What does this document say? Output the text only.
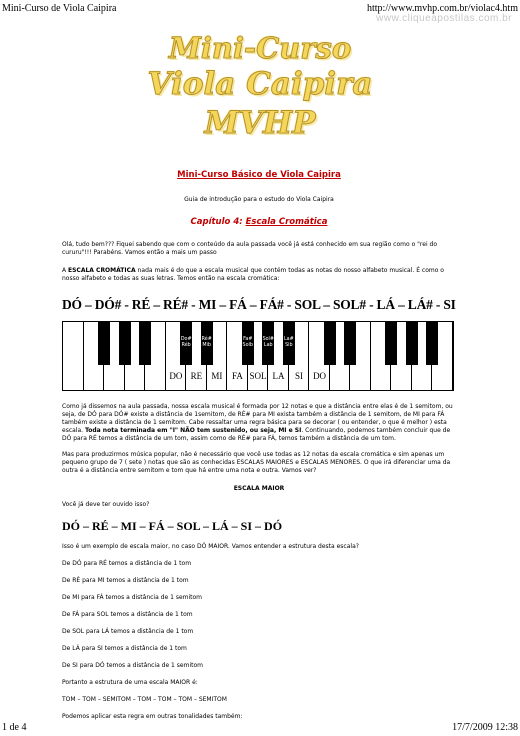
Mini-Curso de Viola Caipira	http://www.mvhp.com.br/violac4.htm
www.cliqueapostilas.com.br
Mini-Curso
Viola Caipira
MVHP
Mini-Curso Básico de Viola Caipira
Guia de introdução para o estudo do Viola Caipira
Capítulo 4: Escala Cromática

Olá, tudo bem??? Fiquei sabendo que com o conteúdo da aula passada você já está conhecido em sua região como o "rei do cururu"!!! Parabéns. Vamos então a mais um passo

A ESCALA CROMÁTICA nada mais é do que a escala musical que contém todas as notas do nosso alfabeto musical. É como o nosso alfabeto e todas as suas letras. Temos então na escala cromática:

DÓ – DÓ# - RÉ – RÉ# - MI – FÁ – FÁ# - SOL – SOL# - LÁ – LÁ# - SI
Do#
Réb
Ré#
Mib
Fa#
Solb
Sol#
Lab
La#
Sib
DO RE	MI	FA SOL LA	SI	DO

Como já dissemos na aula passada, nossa escala musical é formada por 12 notas e que a distância entre elas é de 1 semitom, ou seja, de DÓ para DÓ# existe a distância de 1semitom, de RÉ# para MI exista também a distância de 1 semitom, de MI para FÁ também existe a distância de 1 semitom. Cabe ressaltar uma regra básica para se decorar ( ou entender, o que é melhor ) esta escala. Toda nota terminada em "I" NÃO tem sustenido, ou seja, MI e SI. Continuando, podemos também concluir que de DÓ para RÉ temos a distância de um tom, assim como de RÉ# para FÁ, temos também a distância de um tom.

Mas para produzirmos música popular, não é necessário que você use todas as 12 notas da escala cromática e sim apenas um pequeno grupo de 7 ( sete ) notas que são as conhecidas ESCALAS MAIORES e ESCALAS MENORES. O que irá diferenciar uma da outra é a distância entre semitom e tom que há entre uma nota e outra. Vamos ver?

ESCALA MAIOR
Você já deve ter ouvido isso?
DÓ – RÉ – MI – FÁ – SOL – LÁ – SI – DÓ
Isso é um exemplo de escala maior, no caso DÓ MAIOR. Vamos entender a estrutura desta escala?
De DÓ para RÉ temos a distância de 1 tom
De RÉ para MI temos a distância de 1 tom
De MI para FÁ temos a distância de 1 semitom
De FÁ para SOL temos a distância de 1 tom
De SOL para LÁ temos a distância de 1 tom
De LÁ para SI temos a distância de 1 tom
De SI para DÓ temos a distância de 1 semitom
Portanto a estrutura de uma escala MAIOR é:
TOM – TOM – SEMITOM – TOM – TOM – TOM – SEMITOM
Podemos aplicar esta regra em outras tonalidades também:
1 de 4	17/7/2009 12:38
